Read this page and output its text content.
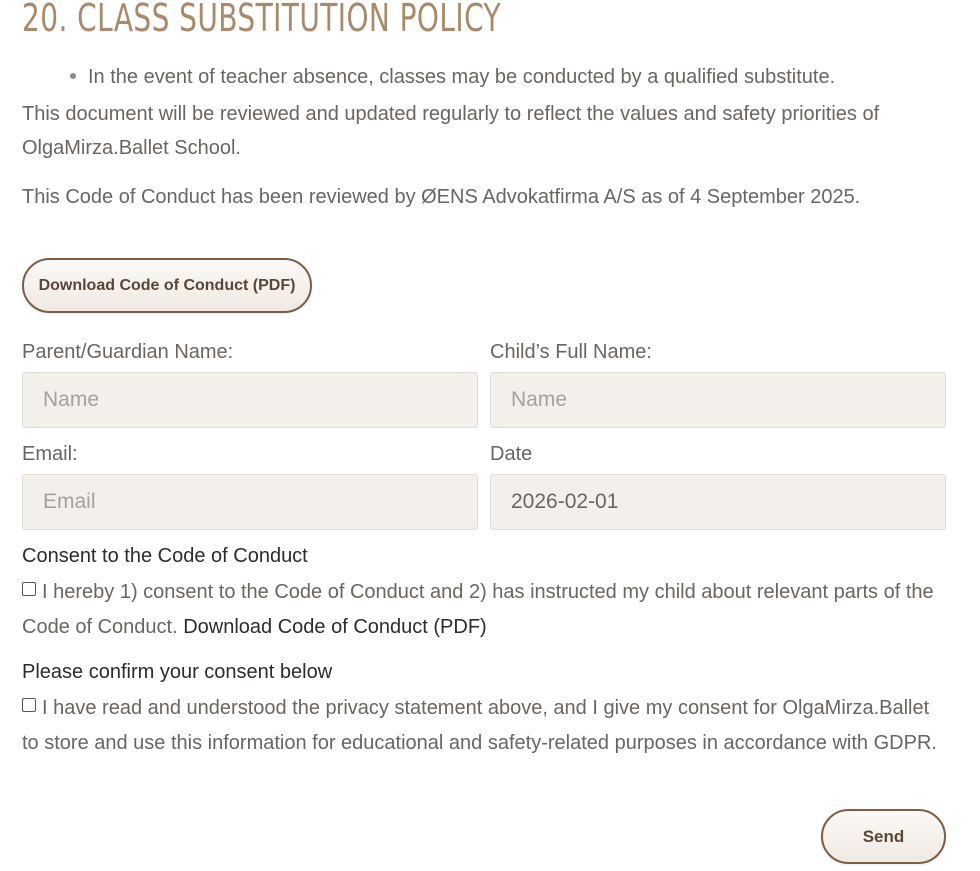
20. CLASS SUBSTITUTION POLICY
In the event of teacher absence, classes may be conducted by a qualified substitute.
This document will be reviewed and updated regularly to reflect the values and safety priorities of OlgaMirza.Ballet School.
This Code of Conduct has been reviewed by ØENS Advokatfirma A/S as of 4 September 2025.
Download Code of Conduct (PDF)
Parent/Guardian Name:	Child’s Full Name:
Name
Name
Email:	Date
Email
2026-02-01
Consent to the Code of Conduct
I hereby 1) consent to the Code of Conduct and 2) has instructed my child about relevant parts of the Code of Conduct. Download Code of Conduct (PDF)
Please confirm your consent below
I have read and understood the privacy statement above, and I give my consent for OlgaMirza.Ballet to store and use this information for educational and safety-related purposes in accordance with GDPR.
Send
